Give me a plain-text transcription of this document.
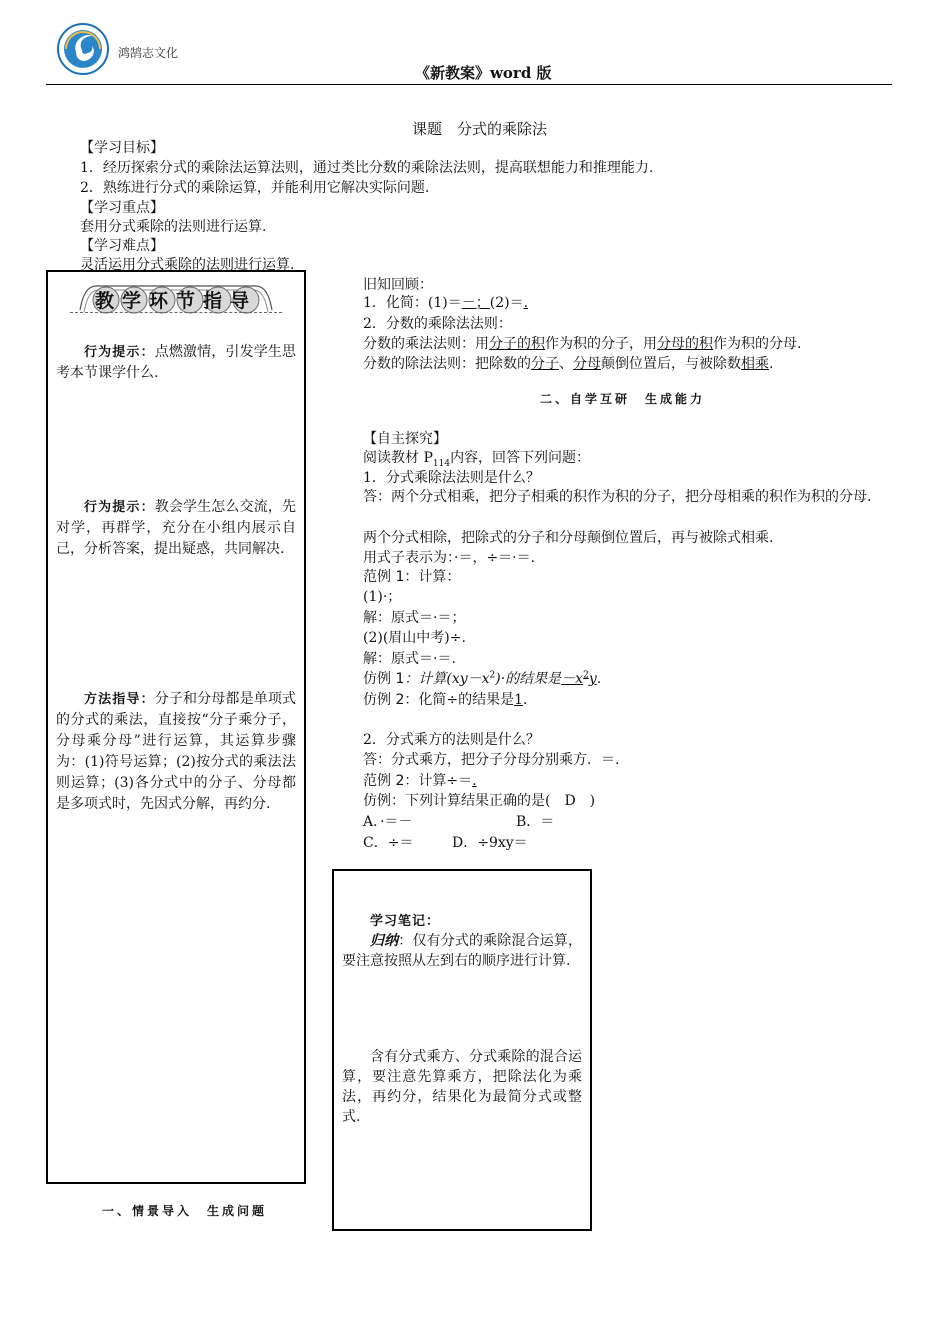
鸿鹄志文化
《新教案》word 版
课题　分式的乘除法
【学习目标】
1．经历探索分式的乘除法运算法则，通过类比分数的乘除法法则，提高联想能力和推理能力.
2．熟练进行分式的乘除运算，并能利用它解决实际问题.
【学习重点】
套用分式乘除的法则进行运算.
【学习难点】
灵活运用分式乘除的法则进行运算.
教学环节指导
行为提示：点燃激情，引发学生思考本节课学什么.
行为提示：教会学生怎么交流，先对学，再群学，充分在小组内展示自己，分析答案，提出疑惑，共同解决.
方法指导：分子和分母都是单项式的分式的乘法，直接按“分子乘分子，分母乘分母”进行运算，其运算步骤为：(1)符号运算；(2)按分式的乘法法则运算；(3)各分式中的分子、分母都是多项式时，先因式分解，再约分.
一、情景导入　生成问题
旧知回顾：
1．化简：(1)＝－；(2)＝.
2．分数的乘除法法则：
分数的乘法法则：用分子的积作为积的分子，用分母的积作为积的分母.
分数的除法法则：把除数的分子、分母颠倒位置后，与被除数相乘.
二、自学互研　生成能力
【自主探究】
阅读教材 $P_{114}$内容，回答下列问题：
1．分式乘除法法则是什么？
答：两个分式相乘，把分子相乘的积作为积的分子，把分母相乘的积作为积的分母.
两个分式相除，把除式的分子和分母颠倒位置后，再与被除式相乘.
用式子表示为：·＝，÷＝·＝.
范例 1：计算：
(1)·；
解：原式＝·＝；
(2)(眉山中考)÷.
解：原式＝·＝.
仿例 1：计算$(xy-x^2)\cdot$的结果是$-x^2y$.
仿例 2：化简÷的结果是1.
2．分式乘方的法则是什么？
答：分式乘方，把分子分母分别乘方．＝.
范例 2：计算÷＝.
仿例：下列计算结果正确的是(　D　)
A．·＝－	B．＝
C．÷＝	D．÷9xy＝
学习笔记：
归纳：仅有分式的乘除混合运算，要注意按照从左到右的顺序进行计算.
含有分式乘方、分式乘除的混合运算，要注意先算乘方，把除法化为乘法，再约分，结果化为最简分式或整式.
